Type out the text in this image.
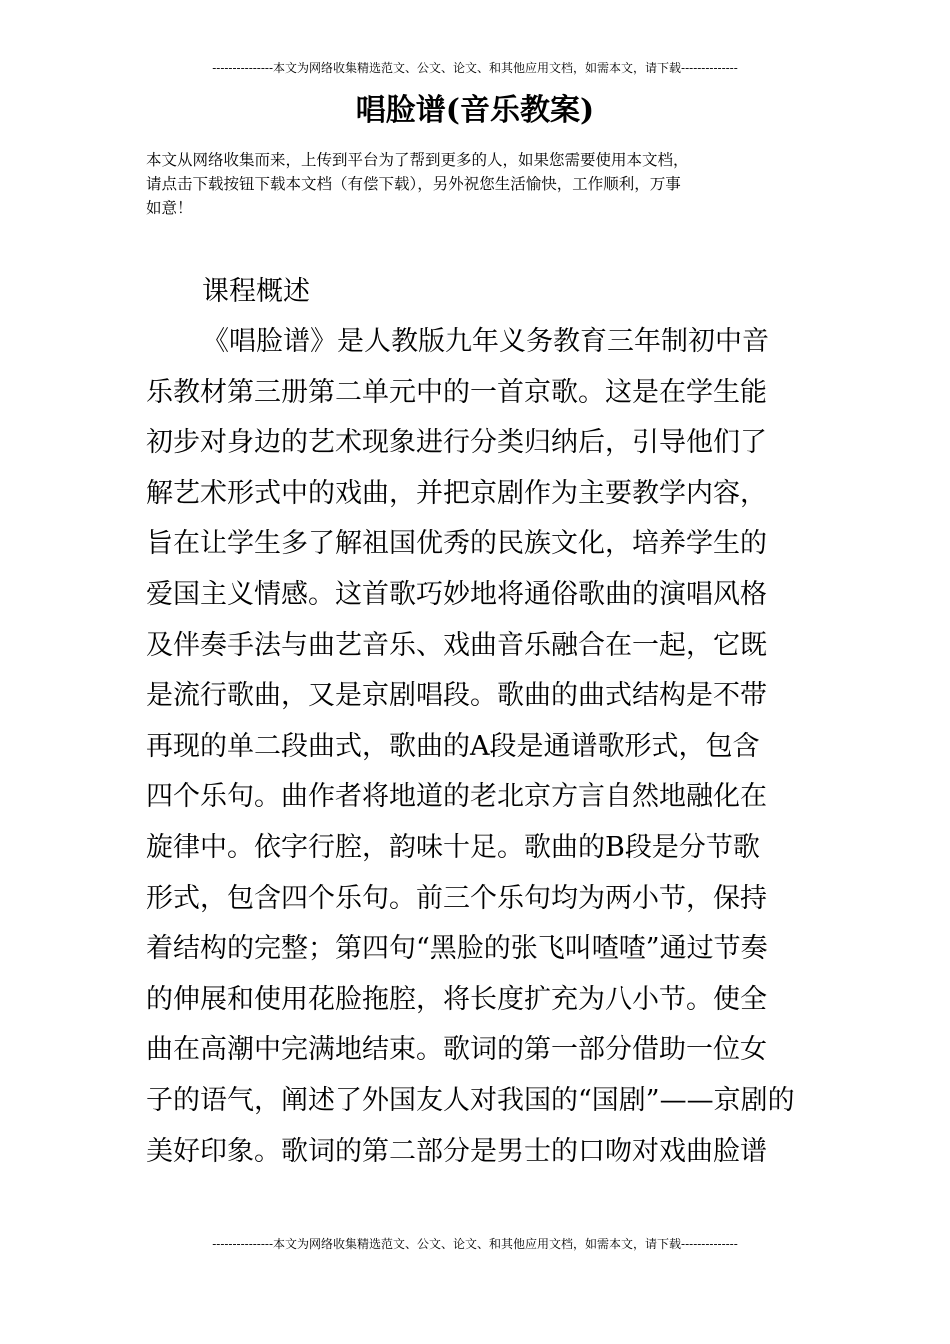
---------------本文为网络收集精选范文、公文、论文、和其他应用文档，如需本文，请下载--------------
唱脸谱(音乐教案)
本文从网络收集而来，上传到平台为了帮到更多的人，如果您需要使用本文档，
请点击下载按钮下载本文档（有偿下载），另外祝您生活愉快，工作顺利，万事
如意！
课程概述
《唱脸谱》是人教版九年义务教育三年制初中音
乐教材第三册第二单元中的一首京歌。这是在学生能
初步对身边的艺术现象进行分类归纳后，引导他们了
解艺术形式中的戏曲，并把京剧作为主要教学内容，
旨在让学生多了解祖国优秀的民族文化，培养学生的
爱国主义情感。这首歌巧妙地将通俗歌曲的演唱风格
及伴奏手法与曲艺音乐、戏曲音乐融合在一起，它既
是流行歌曲，又是京剧唱段。歌曲的曲式结构是不带
再现的单二段曲式，歌曲的A段是通谱歌形式，包含
四个乐句。曲作者将地道的老北京方言自然地融化在
旋律中。依字行腔，韵味十足。歌曲的B段是分节歌
形式，包含四个乐句。前三个乐句均为两小节，保持
着结构的完整；第四句“黑脸的张飞叫喳喳”通过节奏
的伸展和使用花脸拖腔，将长度扩充为八小节。使全
曲在高潮中完满地结束。歌词的第一部分借助一位女
子的语气，阐述了外国友人对我国的“国剧”——京剧的
美好印象。歌词的第二部分是男士的口吻对戏曲脸谱
---------------本文为网络收集精选范文、公文、论文、和其他应用文档，如需本文，请下载--------------
